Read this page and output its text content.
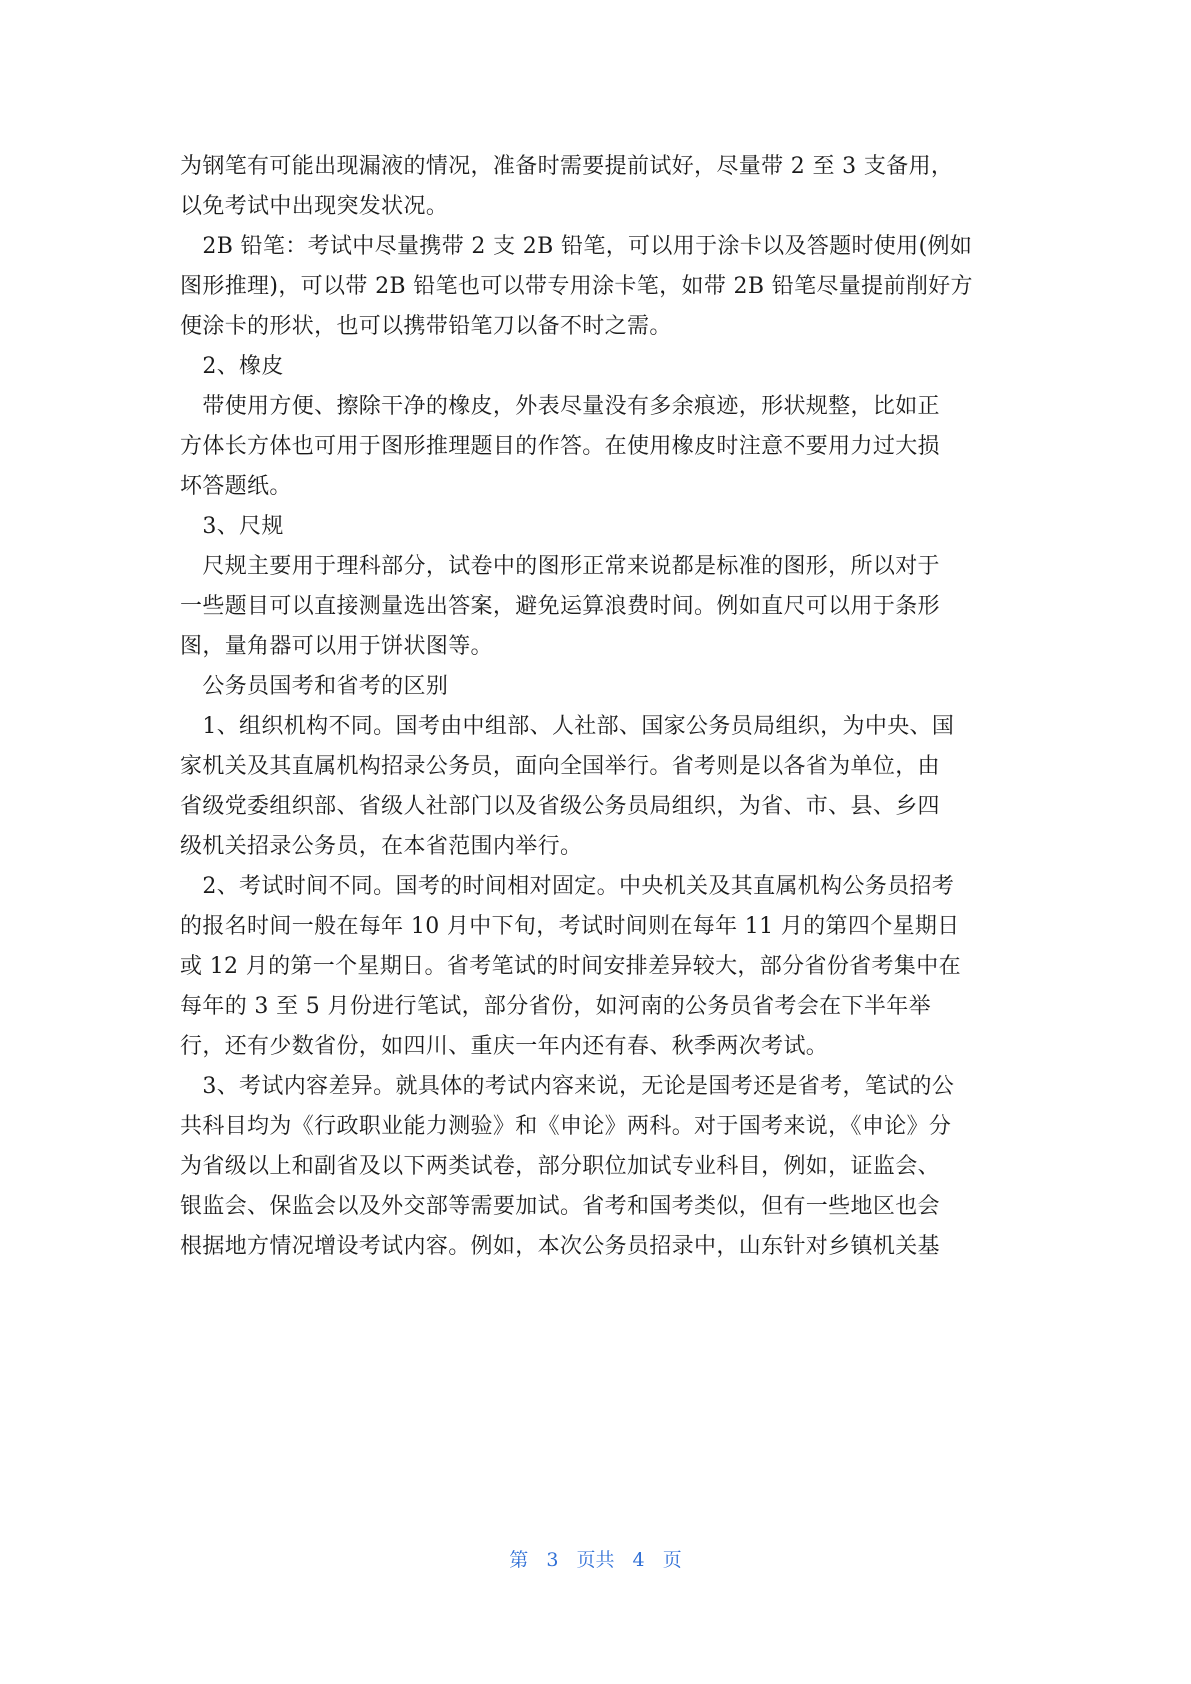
为钢笔有可能出现漏液的情况，准备时需要提前试好，尽量带 2 至 3 支备用，
以免考试中出现突发状况。
　2B 铅笔：考试中尽量携带 2 支 2B 铅笔，可以用于涂卡以及答题时使用(例如
图形推理)，可以带 2B 铅笔也可以带专用涂卡笔，如带 2B 铅笔尽量提前削好方
便涂卡的形状，也可以携带铅笔刀以备不时之需。
　2、橡皮
　带使用方便、擦除干净的橡皮，外表尽量没有多余痕迹，形状规整，比如正
方体长方体也可用于图形推理题目的作答。在使用橡皮时注意不要用力过大损
坏答题纸。
　3、尺规
　尺规主要用于理科部分，试卷中的图形正常来说都是标准的图形，所以对于
一些题目可以直接测量选出答案，避免运算浪费时间。例如直尺可以用于条形
图，量角器可以用于饼状图等。
　公务员国考和省考的区别
　1、组织机构不同。国考由中组部、人社部、国家公务员局组织，为中央、国
家机关及其直属机构招录公务员，面向全国举行。省考则是以各省为单位，由
省级党委组织部、省级人社部门以及省级公务员局组织，为省、市、县、乡四
级机关招录公务员，在本省范围内举行。
　2、考试时间不同。国考的时间相对固定。中央机关及其直属机构公务员招考
的报名时间一般在每年 10 月中下旬，考试时间则在每年 11 月的第四个星期日
或 12 月的第一个星期日。省考笔试的时间安排差异较大，部分省份省考集中在
每年的 3 至 5 月份进行笔试，部分省份，如河南的公务员省考会在下半年举
行，还有少数省份，如四川、重庆一年内还有春、秋季两次考试。
　3、考试内容差异。就具体的考试内容来说，无论是国考还是省考，笔试的公
共科目均为《行政职业能力测验》和《申论》两科。对于国考来说，《申论》分
为省级以上和副省及以下两类试卷，部分职位加试专业科目，例如，证监会、
银监会、保监会以及外交部等需要加试。省考和国考类似，但有一些地区也会
根据地方情况增设考试内容。例如，本次公务员招录中，山东针对乡镇机关基
第 3 页共 4 页
